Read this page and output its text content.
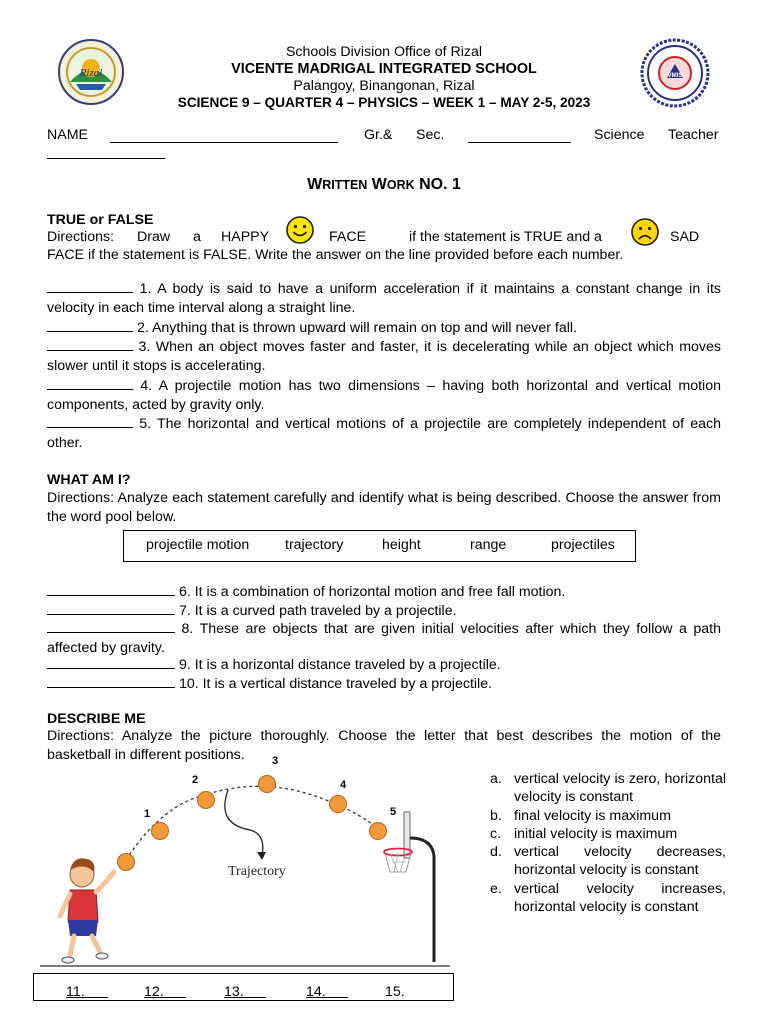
Rizal	VMIS
Schools Division Office of Rizal
VICENTE MADRIGAL INTEGRATED SCHOOL
Palangoy, Binangonan, Rizal
SCIENCE 9 – QUARTER 4 – PHYSICS – WEEK 1 – MAY 2-5, 2023
NAME	Gr.& Sec.	Science Teacher
WRITTEN WORK NO. 1
TRUE or FALSE
Directions: Draw a HAPPY	FACE	if the statement is TRUE and a	SAD
FACE if the statement is FALSE. Write the answer on the line provided before each number.
1. A body is said to have a uniform acceleration if it maintains a constant change in its velocity in each time interval along a straight line.
2. Anything that is thrown upward will remain on top and will never fall.
3. When an object moves faster and faster, it is decelerating while an object which moves slower until it stops is accelerating.
4. A projectile motion has two dimensions – having both horizontal and vertical motion components, acted by gravity only.
5. The horizontal and vertical motions of a projectile are completely independent of each other.
WHAT AM I?
Directions: Analyze each statement carefully and identify what is being described. Choose the answer from the word pool below.
projectile motion	trajectory	height	range	projectiles
6. It is a combination of horizontal motion and free fall motion.
7. It is a curved path traveled by a projectile.
8. These are objects that are given initial velocities after which they follow a path affected by gravity.
9. It is a horizontal distance traveled by a projectile.
10. It is a vertical distance traveled by a projectile.
DESCRIBE ME
Directions: Analyze the picture thoroughly. Choose the letter that best describes the motion of the basketball in different positions.
Trajectory
1
2
3
4
5
a. vertical velocity is zero, horizontal velocity is constant
b. final velocity is maximum
c. initial velocity is maximum
d. vertical velocity decreases, horizontal velocity is constant
e. vertical velocity increases, horizontal velocity is constant
11.	12.	13.	14.	15.
